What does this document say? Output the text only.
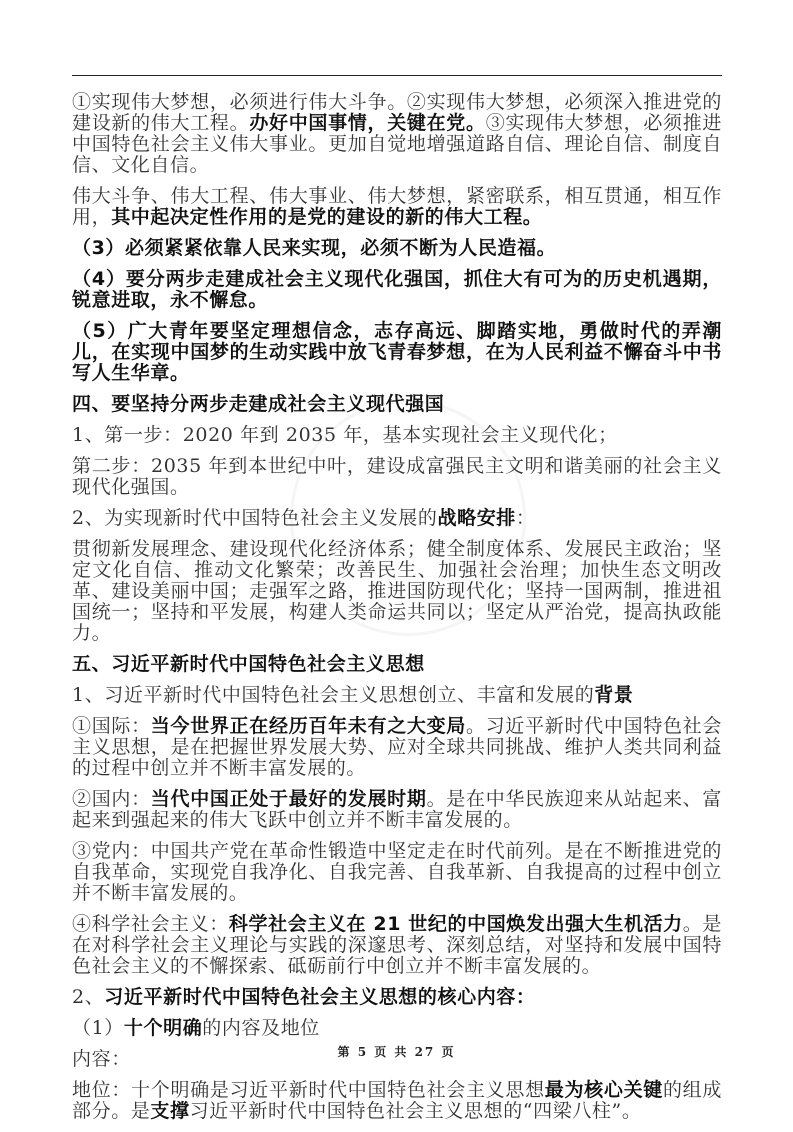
①实现伟大梦想，必须进行伟大斗争。②实现伟大梦想，必须深入推进党的建设新的伟大工程。办好中国事情，关键在党。③实现伟大梦想，必须推进中国特色社会主义伟大事业。更加自觉地增强道路自信、理论自信、制度自信、文化自信。

伟大斗争、伟大工程、伟大事业、伟大梦想，紧密联系，相互贯通，相互作用，其中起决定性作用的是党的建设的新的伟大工程。

（3）必须紧紧依靠人民来实现，必须不断为人民造福。

（4）要分两步走建成社会主义现代化强国，抓住大有可为的历史机遇期，锐意进取，永不懈怠。

（5）广大青年要坚定理想信念，志存高远、脚踏实地，勇做时代的弄潮儿，在实现中国梦的生动实践中放飞青春梦想，在为人民利益不懈奋斗中书写人生华章。

四、要坚持分两步走建成社会主义现代强国

1、第一步：2020 年到 2035 年，基本实现社会主义现代化；

第二步：2035 年到本世纪中叶，建设成富强民主文明和谐美丽的社会主义现代化强国。

2、为实现新时代中国特色社会主义发展的战略安排：

贯彻新发展理念、建设现代化经济体系；健全制度体系、发展民主政治；坚定文化自信、推动文化繁荣；改善民生、加强社会治理；加快生态文明改革、建设美丽中国；走强军之路，推进国防现代化；坚持一国两制，推进祖国统一；坚持和平发展，构建人类命运共同以；坚定从严治党，提高执政能力。

五、习近平新时代中国特色社会主义思想

1、习近平新时代中国特色社会主义思想创立、丰富和发展的背景

①国际：当今世界正在经历百年未有之大变局。习近平新时代中国特色社会主义思想，是在把握世界发展大势、应对全球共同挑战、维护人类共同利益的过程中创立并不断丰富发展的。

②国内：当代中国正处于最好的发展时期。是在中华民族迎来从站起来、富起来到强起来的伟大飞跃中创立并不断丰富发展的。

③党内：中国共产党在革命性锻造中坚定走在时代前列。是在不断推进党的自我革命，实现党自我净化、自我完善、自我革新、自我提高的过程中创立并不断丰富发展的。

④科学社会主义：科学社会主义在 21 世纪的中国焕发出强大生机活力。是在对科学社会主义理论与实践的深邃思考、深刻总结，对坚持和发展中国特色社会主义的不懈探索、砥砺前行中创立并不断丰富发展的。

2、习近平新时代中国特色社会主义思想的核心内容：

（1）十个明确的内容及地位

内容：

地位：十个明确是习近平新时代中国特色社会主义思想最为核心关键的组成部分。是支撑习近平新时代中国特色社会主义思想的“四梁八柱”。

第 5 页 共 27 页
